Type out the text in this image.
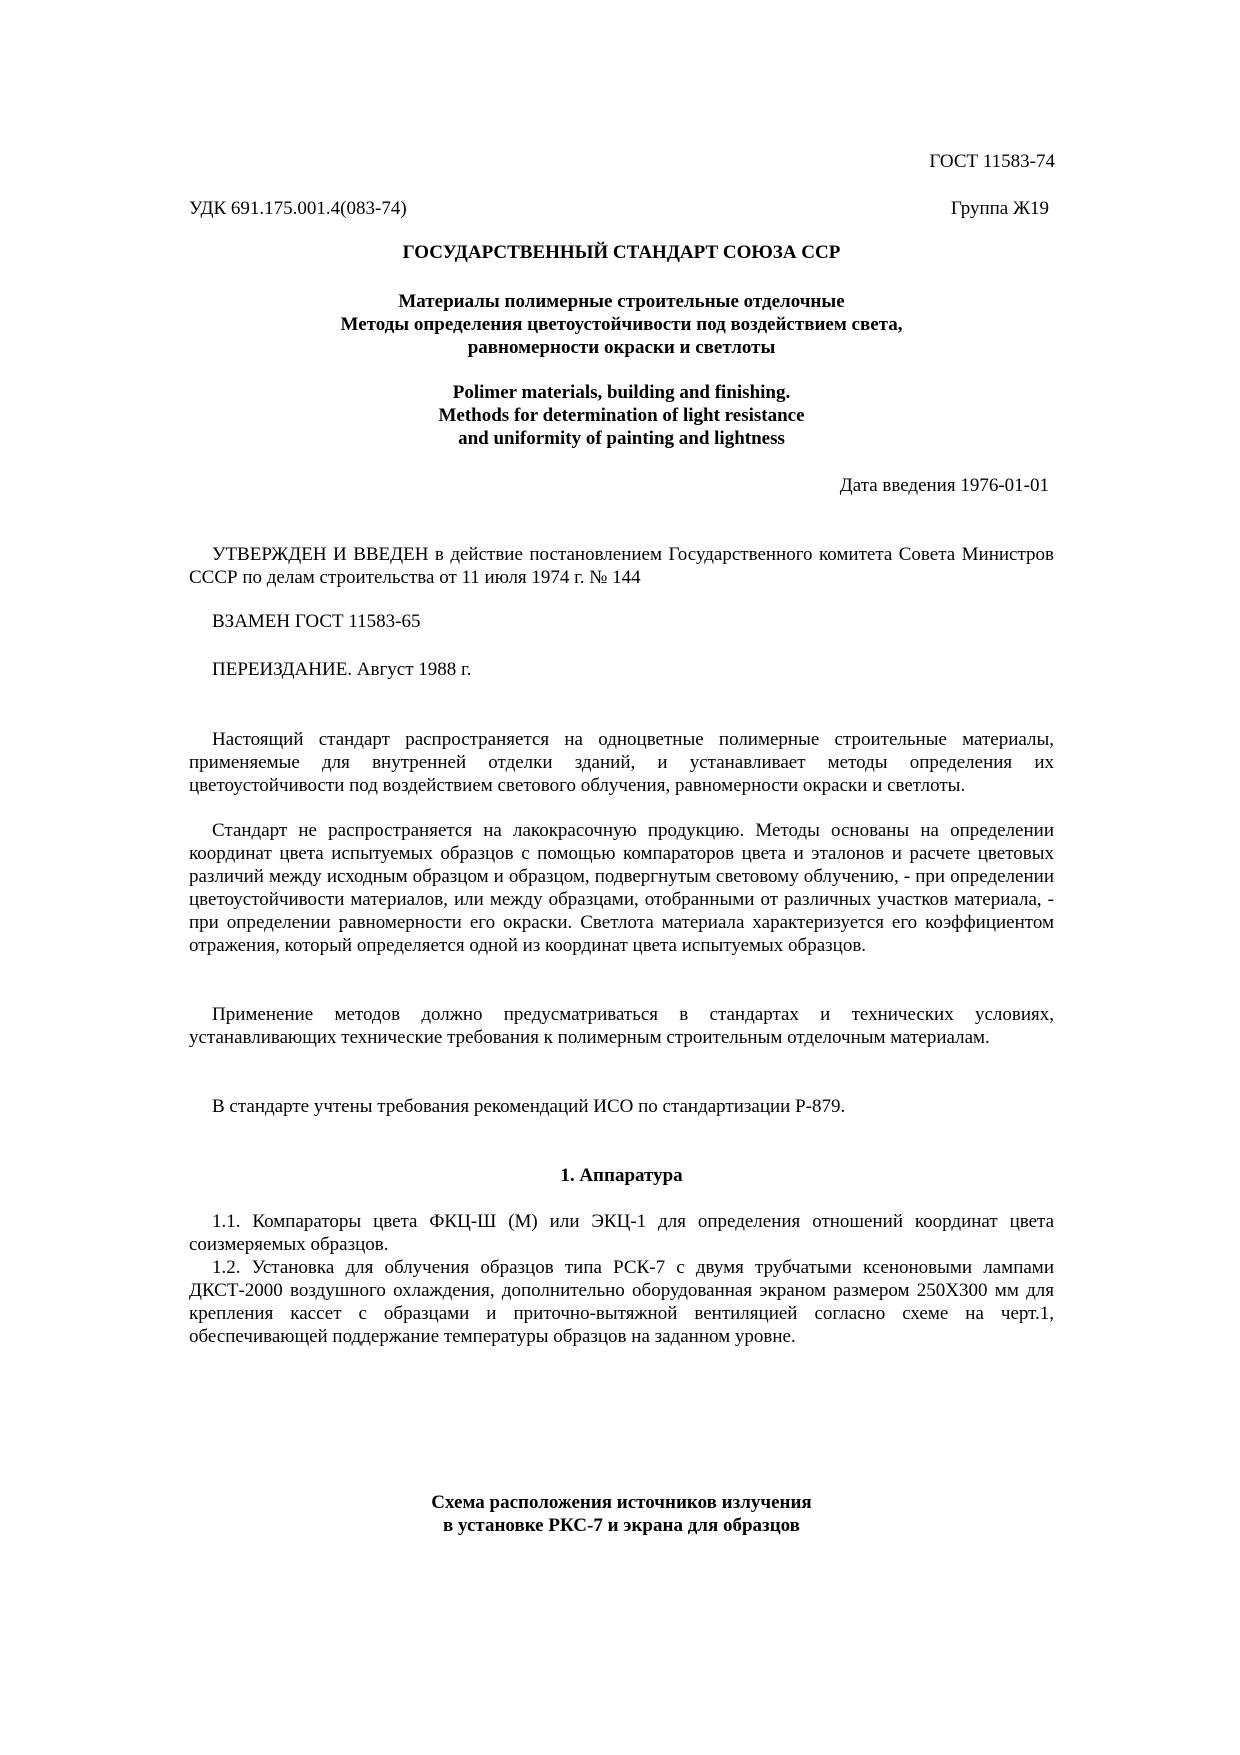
ГОСТ 11583-74
УДК 691.175.001.4(083-74)	Группа Ж19
ГОСУДАРСТВЕННЫЙ СТАНДАРТ СОЮЗА ССР
Материалы полимерные строительные отделочные
Методы определения цветоустойчивости под воздействием света,
равномерности окраски и светлоты
Polimer materials, building and finishing.
Methods for determination of light resistance
and uniformity of painting and lightness
Дата введения 1976-01-01

УТВЕРЖДЕН И ВВЕДЕН в действие постановлением Государственного комитета Совета Министров СССР по делам строительства от 11 июля 1974 г. № 144

ВЗАМЕН ГОСТ 11583-65

ПЕРЕИЗДАНИЕ. Август 1988 г.

Настоящий стандарт распространяется на одноцветные полимерные строительные материалы, применяемые для внутренней отделки зданий, и устанавливает методы определения их цветоустойчивости под воздействием светового облучения, равномерности окраски и светлоты.

Стандарт не распространяется на лакокрасочную продукцию. Методы основаны на определении координат цвета испытуемых образцов с помощью компараторов цвета и эталонов и расчете цветовых различий между исходным образцом и образцом, подвергнутым световому облучению, - при определении цветоустойчивости материалов, или между образцами, отобранными от различных участков материала, - при определении равномерности его окраски. Светлота материала характеризуется его коэффициентом отражения, который определяется одной из координат цвета испытуемых образцов.

Применение методов должно предусматриваться в стандартах и технических условиях, устанавливающих технические требования к полимерным строительным отделочным материалам.

В стандарте учтены требования рекомендаций ИСО по стандартизации Р-879.

1. Аппаратура

1.1. Компараторы цвета ФКЦ-Ш (М) или ЭКЦ-1 для определения отношений координат цвета соизмеряемых образцов.

1.2. Установка для облучения образцов типа РСК-7 с двумя трубчатыми ксеноновыми лампами ДКСТ-2000 воздушного охлаждения, дополнительно оборудованная экраном размером 250Х300 мм для крепления кассет с образцами и приточно-вытяжной вентиляцией согласно схеме на черт.1, обеспечивающей поддержание температуры образцов на заданном уровне.

Схема расположения источников излучения
в установке РКС-7 и экрана для образцов
